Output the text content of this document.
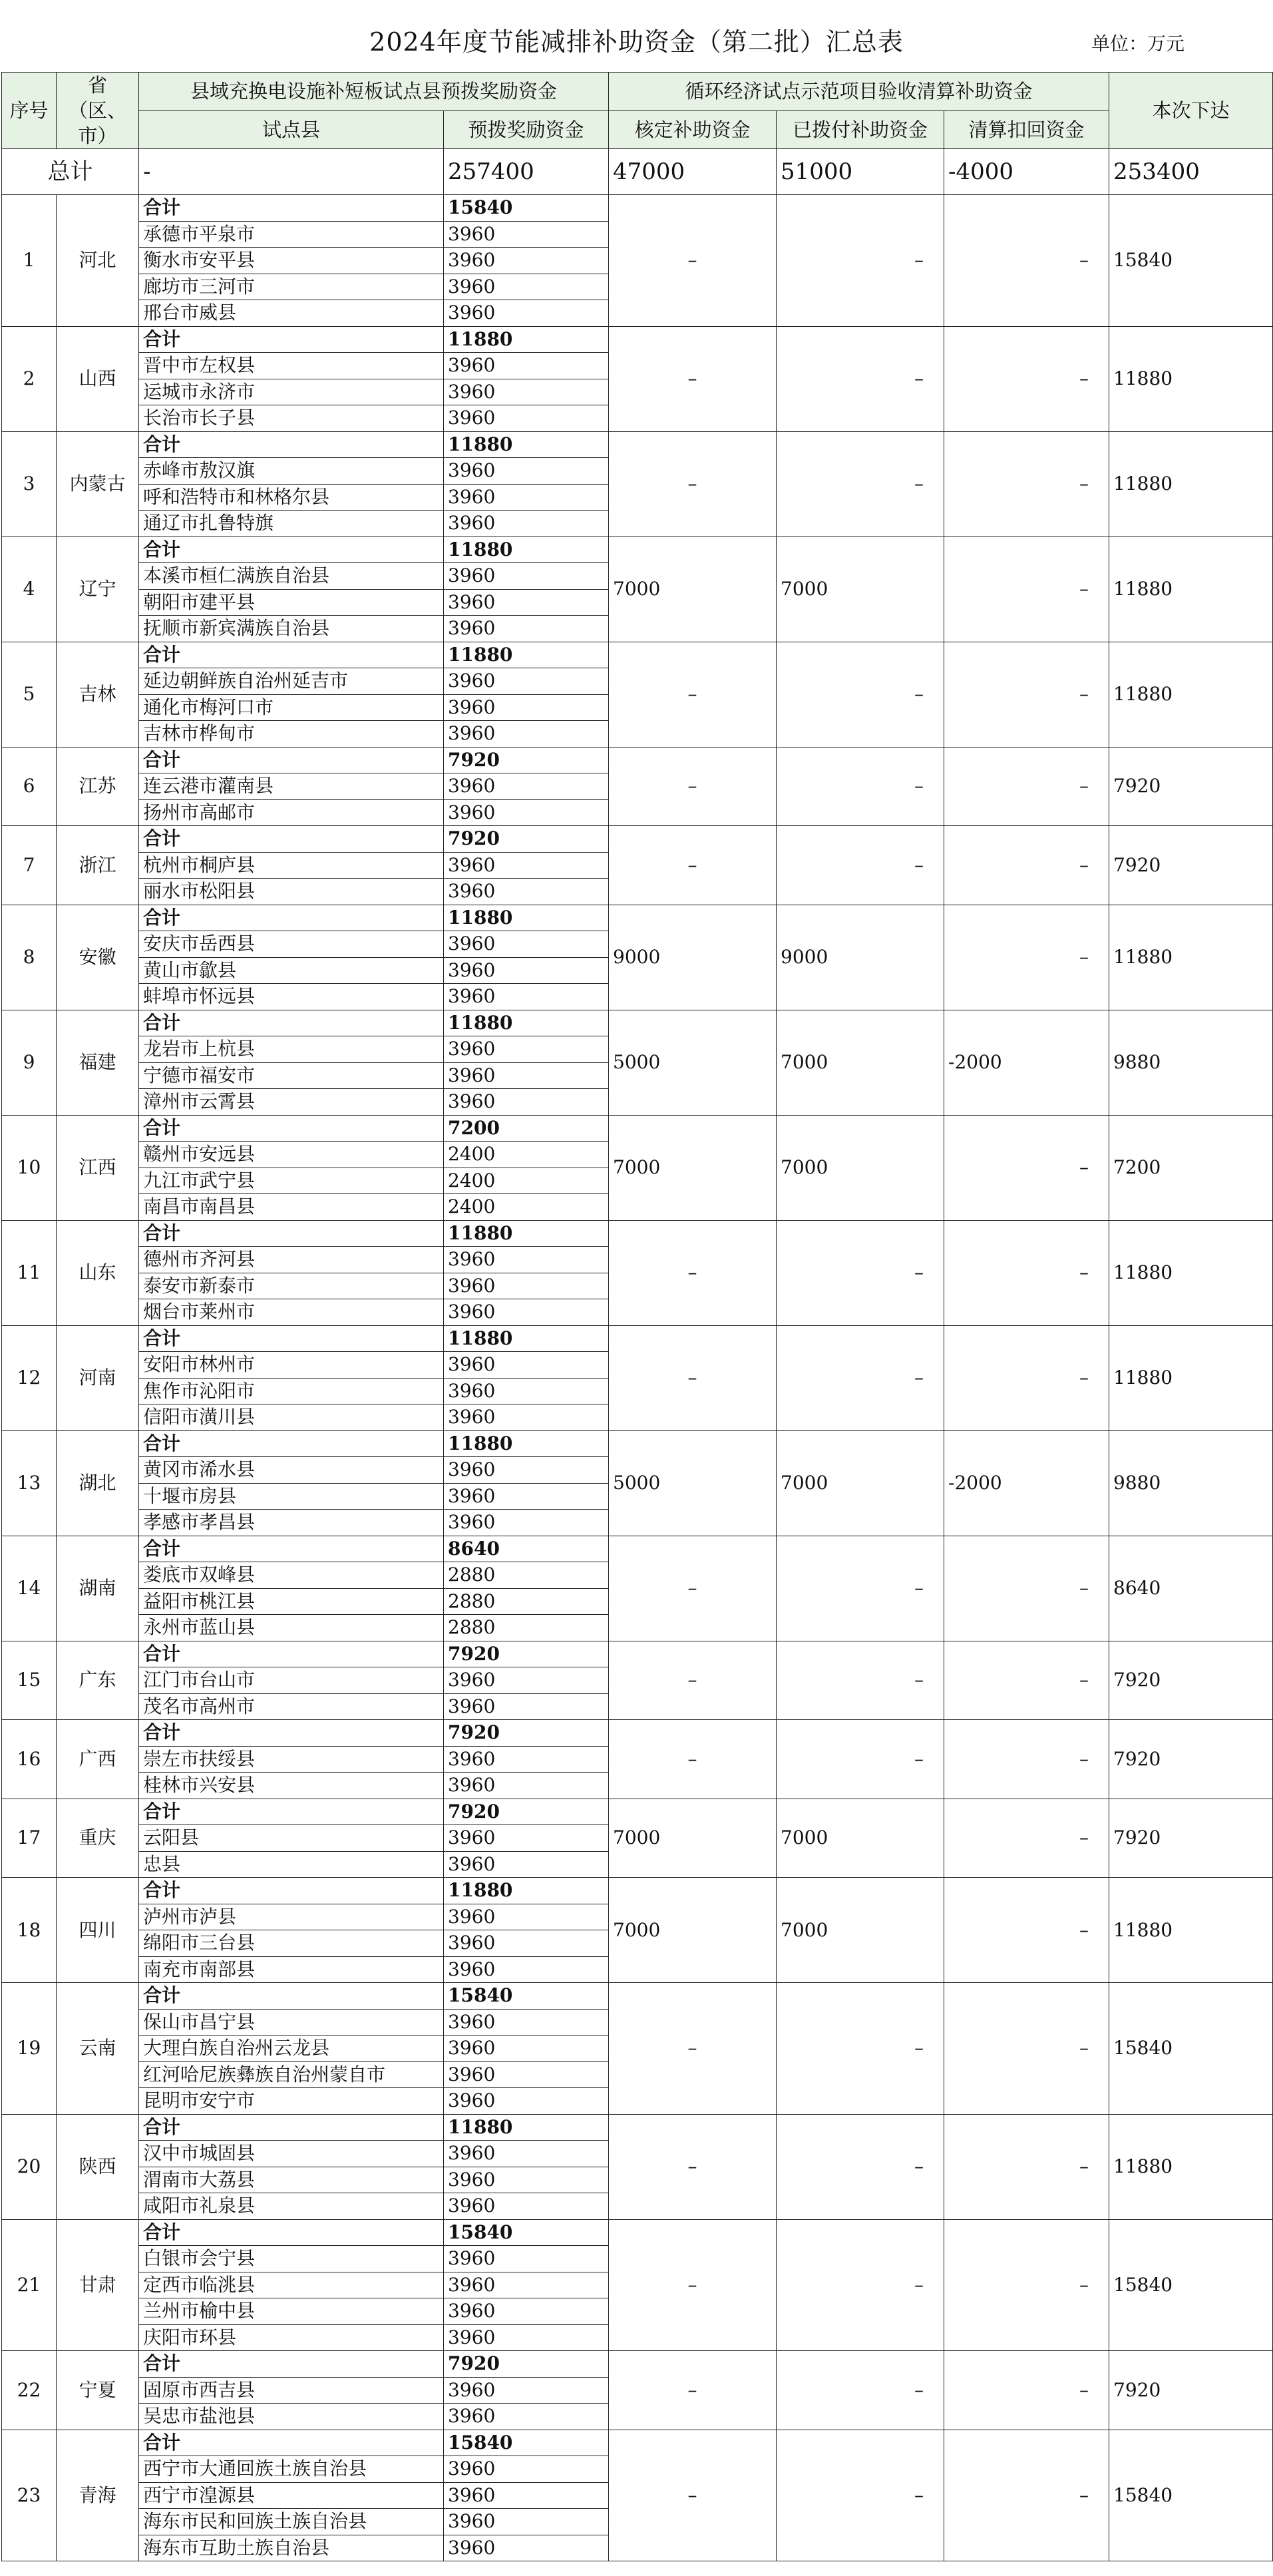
2024年度节能减排补助资金（第二批）汇总表	单位：万元
序号	省（区、市）	县域充换电设施补短板试点县预拨奖励资金		循环经济试点示范项目验收清算补助资金			本次下达
		试点县	预拨奖励资金	核定补助资金	已拨付补助资金	清算扣回资金	
总计		-	257400	47000	51000	-4000	253400
1	河北	合计	15840	–	–	–	15840
		承德市平泉市	3960				
		衡水市安平县	3960				
		廊坊市三河市	3960				
		邢台市威县	3960				
2	山西	合计	11880	–	–	–	11880
		晋中市左权县	3960				
		运城市永济市	3960				
		长治市长子县	3960				
3	内蒙古	合计	11880	–	–	–	11880
		赤峰市敖汉旗	3960				
		呼和浩特市和林格尔县	3960				
		通辽市扎鲁特旗	3960				
4	辽宁	合计	11880	7000	7000	–	11880
		本溪市桓仁满族自治县	3960				
		朝阳市建平县	3960				
		抚顺市新宾满族自治县	3960				
5	吉林	合计	11880	–	–	–	11880
		延边朝鲜族自治州延吉市	3960				
		通化市梅河口市	3960				
		吉林市桦甸市	3960				
6	江苏	合计	7920	–	–	–	7920
		连云港市灌南县	3960				
		扬州市高邮市	3960				
7	浙江	合计	7920	–	–	–	7920
		杭州市桐庐县	3960				
		丽水市松阳县	3960				
8	安徽	合计	11880	9000	9000	–	11880
		安庆市岳西县	3960				
		黄山市歙县	3960				
		蚌埠市怀远县	3960				
9	福建	合计	11880	5000	7000	-2000	9880
		龙岩市上杭县	3960				
		宁德市福安市	3960				
		漳州市云霄县	3960				
10	江西	合计	7200	7000	7000	–	7200
		赣州市安远县	2400				
		九江市武宁县	2400				
		南昌市南昌县	2400				
11	山东	合计	11880	–	–	–	11880
		德州市齐河县	3960				
		泰安市新泰市	3960				
		烟台市莱州市	3960				
12	河南	合计	11880	–	–	–	11880
		安阳市林州市	3960				
		焦作市沁阳市	3960				
		信阳市潢川县	3960				
13	湖北	合计	11880	5000	7000	-2000	9880
		黄冈市浠水县	3960				
		十堰市房县	3960				
		孝感市孝昌县	3960				
14	湖南	合计	8640	–	–	–	8640
		娄底市双峰县	2880				
		益阳市桃江县	2880				
		永州市蓝山县	2880				
15	广东	合计	7920	–	–	–	7920
		江门市台山市	3960				
		茂名市高州市	3960				
16	广西	合计	7920	–	–	–	7920
		崇左市扶绥县	3960				
		桂林市兴安县	3960				
17	重庆	合计	7920	7000	7000	–	7920
		云阳县	3960				
		忠县	3960				
18	四川	合计	11880	7000	7000	–	11880
		泸州市泸县	3960				
		绵阳市三台县	3960				
		南充市南部县	3960				
19	云南	合计	15840	–	–	–	15840
		保山市昌宁县	3960				
		大理白族自治州云龙县	3960				
		红河哈尼族彝族自治州蒙自市	3960				
		昆明市安宁市	3960				
20	陕西	合计	11880	–	–	–	11880
		汉中市城固县	3960				
		渭南市大荔县	3960				
		咸阳市礼泉县	3960				
21	甘肃	合计	15840	–	–	–	15840
		白银市会宁县	3960				
		定西市临洮县	3960				
		兰州市榆中县	3960				
		庆阳市环县	3960				
22	宁夏	合计	7920	–	–	–	7920
		固原市西吉县	3960				
		吴忠市盐池县	3960				
23	青海	合计	15840	–	–	–	15840
		西宁市大通回族土族自治县	3960				
		西宁市湟源县	3960				
		海东市民和回族土族自治县	3960				
		海东市互助土族自治县	3960				
